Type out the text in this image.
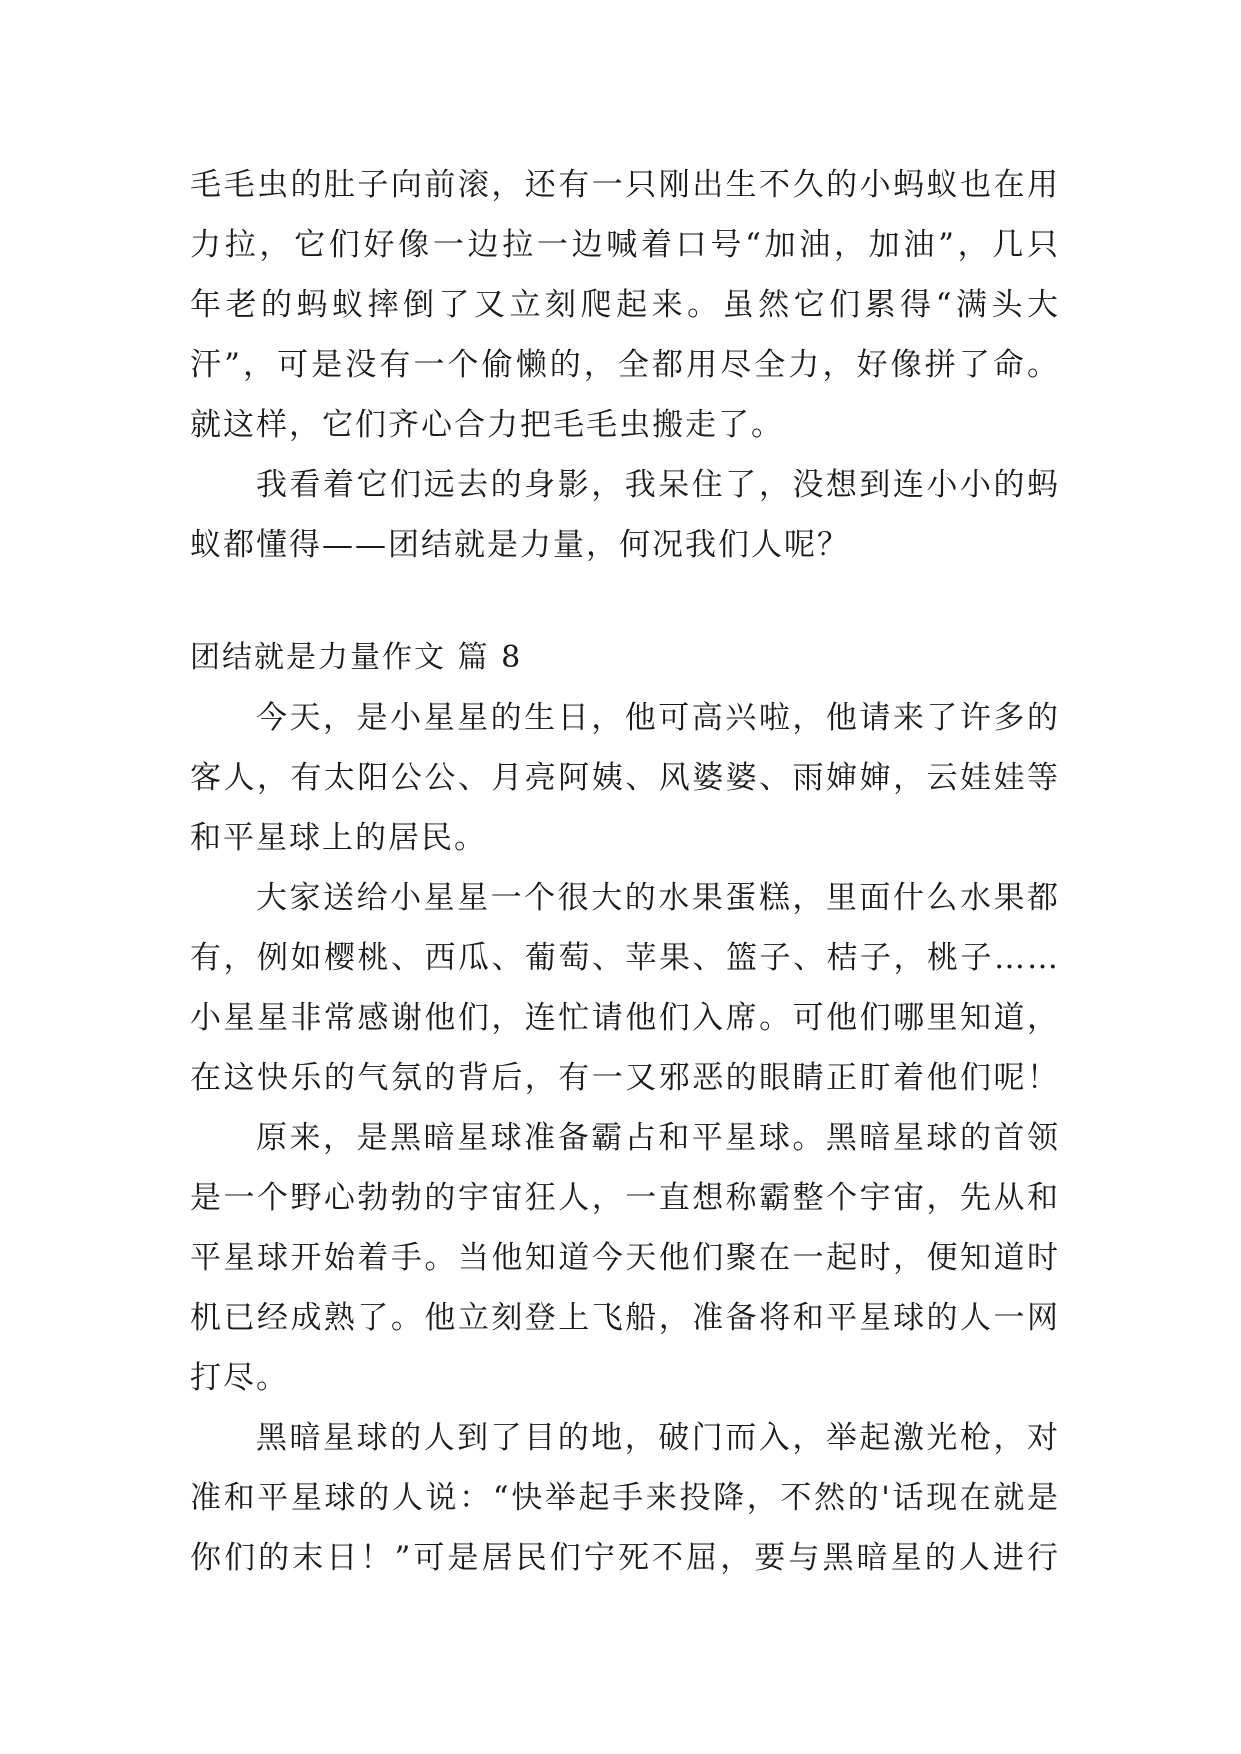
毛毛虫的肚子向前滚，还有一只刚出生不久的小蚂蚁也在用
力拉，它们好像一边拉一边喊着口号“加油，加油”，几只
年老的蚂蚁摔倒了又立刻爬起来。虽然它们累得“满头大
汗”，可是没有一个偷懒的，全都用尽全力，好像拼了命。
就这样，它们齐心合力把毛毛虫搬走了。
我看着它们远去的身影，我呆住了，没想到连小小的蚂
蚁都懂得——团结就是力量，何况我们人呢？
团结就是力量作文 篇 8
今天，是小星星的生日，他可高兴啦，他请来了许多的
客人，有太阳公公、月亮阿姨、风婆婆、雨婶婶，云娃娃等
和平星球上的居民。
大家送给小星星一个很大的水果蛋糕，里面什么水果都
有，例如樱桃、西瓜、葡萄、苹果、篮子、桔子，桃子……
小星星非常感谢他们，连忙请他们入席。可他们哪里知道，
在这快乐的气氛的背后，有一又邪恶的眼睛正盯着他们呢！
原来，是黑暗星球准备霸占和平星球。黑暗星球的首领
是一个野心勃勃的宇宙狂人，一直想称霸整个宇宙，先从和
平星球开始着手。当他知道今天他们聚在一起时，便知道时
机已经成熟了。他立刻登上飞船，准备将和平星球的人一网
打尽。
黑暗星球的人到了目的地，破门而入，举起激光枪，对
准和平星球的人说：“快举起手来投降，不然的'话现在就是
你们的末日！”可是居民们宁死不屈，要与黑暗星的人进行
